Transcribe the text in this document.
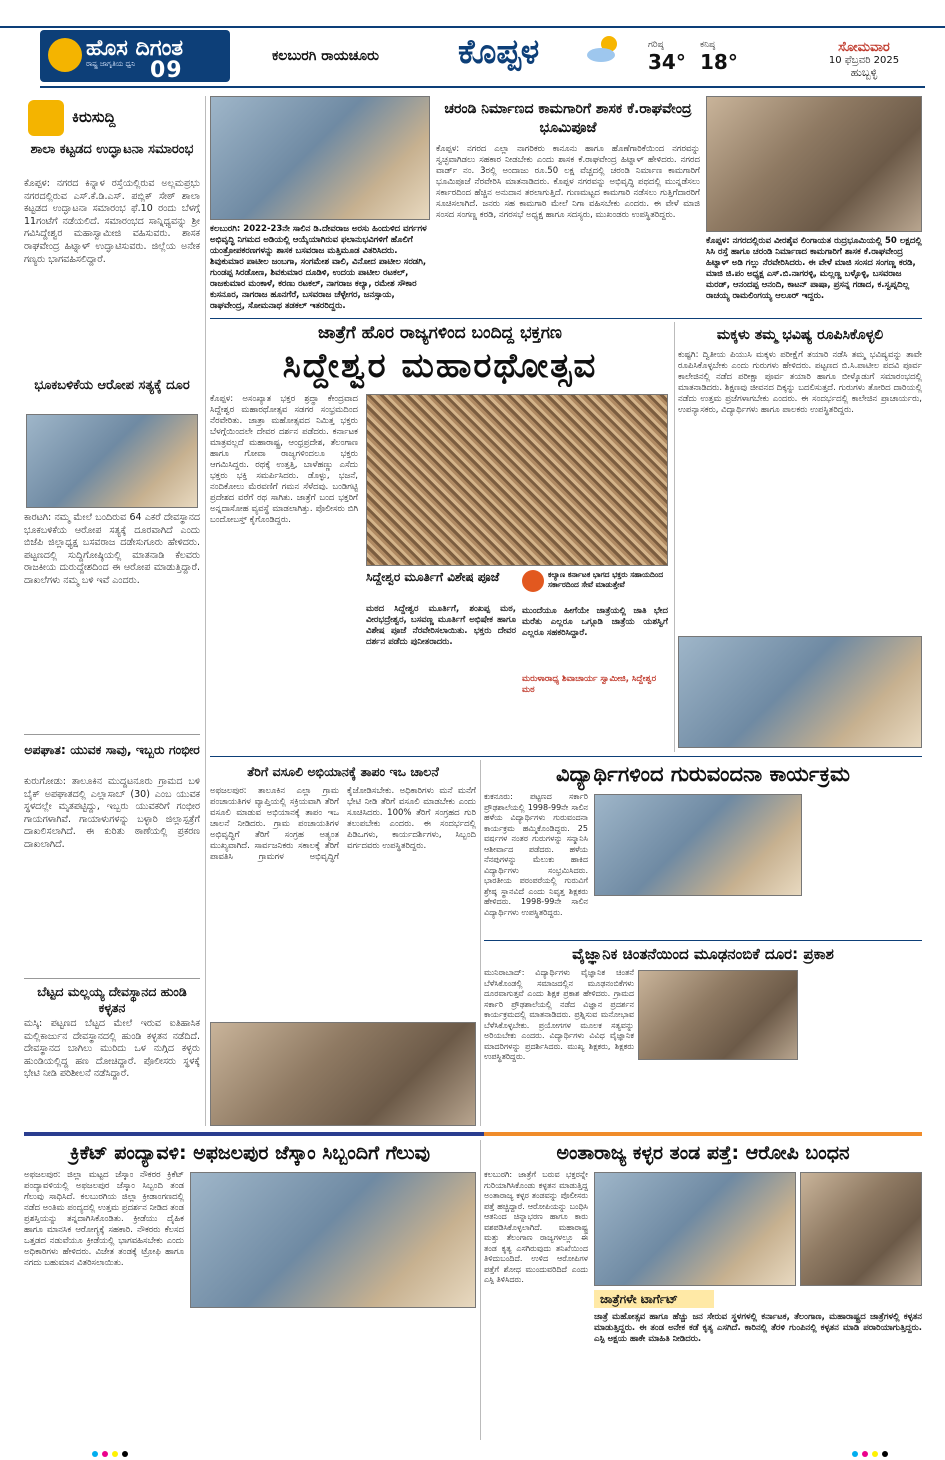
ಹೊಸ ದಿಗಂತ
ರಾಷ್ಟ್ರ ಜಾಗೃತಿಯ ಧ್ವನಿ 09
ಕಲಬುರಗಿ ರಾಯಚೂರು ಕೊಪ್ಪಳ	ಗರಿಷ್ಠ
34°
ಕನಿಷ್ಠ
18°
ಸೋಮವಾರ
10 ಫೆಬ್ರವರಿ 2025
ಹುಬ್ಬಳ್ಳಿ
ಕಿರುಸುದ್ದಿ
ಶಾಲಾ ಕಟ್ಟಡದ ಉದ್ಘಾಟನಾ ಸಮಾರಂಭ
ಕೊಪ್ಪಳ: ನಗರದ ಕಿನ್ನಾಳ ರಸ್ತೆಯಲ್ಲಿರುವ ಅಲ್ಲಮಪ್ರಭು ನಗರದಲ್ಲಿರುವ ಎಸ್.ಕೆ.ಡಿ.ಎಸ್. ಪಬ್ಲಿಕ್ ಸೇಠ್ ಶಾಲಾ ಕಟ್ಟಡದ ಉದ್ಘಾಟನಾ ಸಮಾರಂಭ ಫೆ.10 ರಂದು ಬೆಳಗ್ಗೆ 11ಗಂಟೆಗೆ ನಡೆಯಲಿದೆ. ಸಮಾರಂಭದ ಸಾನ್ನಿಧ್ಯವನ್ನು ಶ್ರೀ ಗವಿಸಿದ್ದೇಶ್ವರ ಮಹಾಸ್ವಾಮೀಜಿ ವಹಿಸುವರು. ಶಾಸಕ ರಾಘವೇಂದ್ರ ಹಿಟ್ನಾಳ್ ಉದ್ಘಾಟಿಸುವರು. ಜಿಲ್ಲೆಯ ಅನೇಕ ಗಣ್ಯರು ಭಾಗವಹಿಸಲಿದ್ದಾರೆ.
ಭೂಕಬಳಿಕೆಯ ಆರೋಪ ಸತ್ಯಕ್ಕೆ ದೂರ
ಕಾರಟಗಿ: ನಮ್ಮ ಮೇಲೆ ಬಂದಿರುವ 64 ಎಕರೆ ದೇವಸ್ಥಾನದ ಭೂಕಬಳಿಕೆಯ ಆರೋಪ ಸತ್ಯಕ್ಕೆ ದೂರವಾಗಿದೆ ಎಂದು ಬಿಜೆಪಿ ಜಿಲ್ಲಾಧ್ಯಕ್ಷ ಬಸವರಾಜ ದಡೇಸುಗೂರು ಹೇಳಿದರು. ಪಟ್ಟಣದಲ್ಲಿ ಸುದ್ದಿಗೋಷ್ಠಿಯಲ್ಲಿ ಮಾತನಾಡಿ ಕೆಲವರು ರಾಜಕೀಯ ದುರುದ್ದೇಶದಿಂದ ಈ ಆರೋಪ ಮಾಡುತ್ತಿದ್ದಾರೆ. ದಾಖಲೆಗಳು ನಮ್ಮ ಬಳಿ ಇವೆ ಎಂದರು.
ಅಪಘಾತ: ಯುವಕ ಸಾವು, ಇಬ್ಬರು ಗಂಭೀರ
ಕುರುಗೋಡು: ತಾಲೂಕಿನ ಮುದ್ದಟನೂರು ಗ್ರಾಮದ ಬಳಿ ಬೈಕ್ ಅಪಘಾತದಲ್ಲಿ ಎಲ್ಲಾಸಾಬ್ (30) ಎಂಬ ಯುವಕ ಸ್ಥಳದಲ್ಲೇ ಮೃತಪಟ್ಟಿದ್ದು, ಇಬ್ಬರು ಯುವಕರಿಗೆ ಗಂಭೀರ ಗಾಯಗಳಾಗಿವೆ. ಗಾಯಾಳುಗಳನ್ನು ಬಳ್ಳಾರಿ ಜಿಲ್ಲಾಸ್ಪತ್ರೆಗೆ ದಾಖಲಿಸಲಾಗಿದೆ. ಈ ಕುರಿತು ಠಾಣೆಯಲ್ಲಿ ಪ್ರಕರಣ ದಾಖಲಾಗಿದೆ.
ಬೆಟ್ಟದ ಮಲ್ಲಯ್ಯ ದೇವಸ್ಥಾನದ ಹುಂಡಿ ಕಳ್ಳತನ
ಮಸ್ಕಿ: ಪಟ್ಟಣದ ಬೆಟ್ಟದ ಮೇಲೆ ಇರುವ ಐತಿಹಾಸಿಕ ಮಲ್ಲಿಕಾರ್ಜುನ ದೇವಸ್ಥಾನದಲ್ಲಿ ಹುಂಡಿ ಕಳ್ಳತನ ನಡೆದಿದೆ. ದೇವಸ್ಥಾನದ ಬಾಗಿಲು ಮುರಿದು ಒಳ ನುಗ್ಗಿದ ಕಳ್ಳರು ಹುಂಡಿಯಲ್ಲಿದ್ದ ಹಣ ದೋಚಿದ್ದಾರೆ. ಪೊಲೀಸರು ಸ್ಥಳಕ್ಕೆ ಭೇಟಿ ನೀಡಿ ಪರಿಶೀಲನೆ ನಡೆಸಿದ್ದಾರೆ.
ಕಲಬುರಗಿ: 2022-23ನೇ ಸಾಲಿನ ಡಿ.ದೇವರಾಜ ಅರಸು ಹಿಂದುಳಿದ ವರ್ಗಗಳ ಅಭಿವೃದ್ಧಿ ನಿಗಮದ ಅಡಿಯಲ್ಲಿ ಆಯ್ಕೆಯಾಗಿರುವ ಫಲಾನುಭವಿಗಳಿಗೆ ಹೊಲಿಗೆ ಯಂತ್ರೋಪಕರಣಗಳನ್ನು ಶಾಸಕ ಬಸವರಾಜ ಮತ್ತಿಮೂಡ ವಿತರಿಸಿದರು. ಶಿವುಕುಮಾರ ಪಾಟೀಲ ಜಂಬಗಾ, ಸಂಗಮೇಶ ವಾಲಿ, ವಿನೋದ ಪಾಟೀಲ ಸರಡಗಿ, ಗುಂಡಪ್ಪ ಸಿರಡೋಣ, ಶಿವಕುಮಾರ ದೂಡಿಳಿ, ಉದಯ ಪಾಟೀಲ ರಟಕಲ್, ರಾಜಕುಮಾರ ಮಂಕಾಳೆ, ಕರಣು ರಟಕಲ್, ನಾಗರಾಜ ಕಲ್ಯಾ, ರಮೇಶ ಸೌಕಾರ ಕುಸನೂರ, ನಾಗರಾಜ ಹೂನಗೆರೆ, ಬಸವರಾಜ ಚೆಳ್ಳೇಗರ, ಜನಸ್ಸಾಯ, ರಾಘವೇಂದ್ರ, ಸೋಮನಾಥ ತಡಕಲ್ ಇತರರಿದ್ದರು.
ಚರಂಡಿ ನಿರ್ಮಾಣದ ಕಾಮಗಾರಿಗೆ ಶಾಸಕ ಕೆ.ರಾಘವೇಂದ್ರ ಭೂಮಿಪೂಜೆ
ಕೊಪ್ಪಳ: ನಗರದ ಎಲ್ಲಾ ನಾಗರಿಕರು ಕಾನೂನು ಹಾಗೂ ಹೊಣೆಗಾರಿಕೆಯಿಂದ ನಗರವನ್ನು ಸ್ವಚ್ಛವಾಗಿಡಲು ಸಹಕಾರ ನೀಡಬೇಕು ಎಂದು ಶಾಸಕ ಕೆ.ರಾಘವೇಂದ್ರ ಹಿಟ್ನಾಳ್ ಹೇಳಿದರು. ನಗರದ ವಾರ್ಡ್ ನಂ. 3ರಲ್ಲಿ ಅಂದಾಜು ರೂ.50 ಲಕ್ಷ ವೆಚ್ಚದಲ್ಲಿ ಚರಂಡಿ ನಿರ್ಮಾಣ ಕಾಮಗಾರಿಗೆ ಭೂಮಿಪೂಜೆ ನೆರವೇರಿಸಿ ಮಾತನಾಡಿದರು. ಕೊಪ್ಪಳ ನಗರವನ್ನು ಅಭಿವೃದ್ಧಿ ಪಥದಲ್ಲಿ ಮುನ್ನಡೆಸಲು ಸರ್ಕಾರದಿಂದ ಹೆಚ್ಚಿನ ಅನುದಾನ ತರಲಾಗುತ್ತಿದೆ. ಗುಣಮಟ್ಟದ ಕಾಮಗಾರಿ ನಡೆಸಲು ಗುತ್ತಿಗೆದಾರರಿಗೆ ಸೂಚಿಸಲಾಗಿದೆ. ಜನರು ಸಹ ಕಾಮಗಾರಿ ಮೇಲೆ ನಿಗಾ ವಹಿಸಬೇಕು ಎಂದರು. ಈ ವೇಳೆ ಮಾಜಿ ಸಂಸದ ಸಂಗಣ್ಣ ಕರಡಿ, ನಗರಸಭೆ ಅಧ್ಯಕ್ಷ ಹಾಗೂ ಸದಸ್ಯರು, ಮುಖಂಡರು ಉಪಸ್ಥಿತರಿದ್ದರು.
ಕೊಪ್ಪಳ: ನಗರದಲ್ಲಿರುವ ವೀರಶೈವ ಲಿಂಗಾಯತ ರುದ್ರಭೂಮಿಯಲ್ಲಿ 50 ಲಕ್ಷದಲ್ಲಿ ಸಿಸಿ ರಸ್ತೆ ಹಾಗೂ ಚರಂಡಿ ನಿರ್ಮಾಣದ ಕಾಮಗಾರಿಗೆ ಶಾಸಕ ಕೆ.ರಾಘವೇಂದ್ರ ಹಿಟ್ನಾಳ್ ಅಡಿ ಗಲ್ಲು ನೆರವೇರಿಸಿದರು. ಈ ವೇಳೆ ಮಾಜಿ ಸಂಸದ ಸಂಗಣ್ಣ ಕರಡಿ, ಮಾಜಿ ಜಿ.ಪಂ ಅಧ್ಯಕ್ಷ ಎಸ್.ಬಿ.ನಾಗರಳ್ಳಿ, ಮಲ್ಲಣ್ಣ ಬಳ್ಳೊಳ್ಳಿ, ಬಸವರಾಜ ಮರಡ್, ಆನಂದಪ್ಪ ಆನಂದಿ, ಕಾಟನ್ ಪಾಷಾ, ಪ್ರಸನ್ನ ಗಡಾದ, ಕ.ಸ್ವಪ್ನದಿಲ್ಲ ರಾಚಯ್ಯ ರಾಮಲಿಂಗಯ್ಯ ಆಲೂರ್ ಇದ್ದರು.
ಜಾತ್ರೆಗೆ ಹೊರ ರಾಜ್ಯಗಳಿಂದ ಬಂದಿದ್ದ ಭಕ್ತಗಣ
ಸಿದ್ದೇಶ್ವರ ಮಹಾರಥೋತ್ಸವ
ಕೊಪ್ಪಳ: ಅಸಂಖ್ಯಾತ ಭಕ್ತರ ಶ್ರದ್ಧಾ ಕೇಂದ್ರವಾದ ಸಿದ್ದೇಶ್ವರ ಮಹಾರಥೋತ್ಸವ ಸಡಗರ ಸಂಭ್ರಮದಿಂದ ನೆರವೇರಿತು. ಜಾತ್ರಾ ಮಹೋತ್ಸವದ ನಿಮಿತ್ತ ಭಕ್ತರು ಬೆಳಗ್ಗೆಯಿಂದಲೇ ದೇವರ ದರ್ಶನ ಪಡೆದರು. ಕರ್ನಾಟಕ ಮಾತ್ರವಲ್ಲದೆ ಮಹಾರಾಷ್ಟ್ರ, ಆಂಧ್ರಪ್ರದೇಶ, ತೆಲಂಗಾಣ ಹಾಗೂ ಗೋವಾ ರಾಜ್ಯಗಳಿಂದಲೂ ಭಕ್ತರು ಆಗಮಿಸಿದ್ದರು. ರಥಕ್ಕೆ ಉತ್ತತ್ತಿ, ಬಾಳೆಹಣ್ಣು ಎಸೆದು ಭಕ್ತರು ಭಕ್ತಿ ಸಮರ್ಪಿಸಿದರು. ಡೊಳ್ಳು, ಭಜನೆ, ನಂದಿಕೋಲು ಮೆರವಣಿಗೆ ಗಮನ ಸೆಳೆದವು. ಬಂಡಿಗಟ್ಟಿ ಪ್ರದೇಶದ ವರೆಗೆ ರಥ ಸಾಗಿತು. ಜಾತ್ರೆಗೆ ಬಂದ ಭಕ್ತರಿಗೆ ಅನ್ನದಾಸೋಹ ವ್ಯವಸ್ಥೆ ಮಾಡಲಾಗಿತ್ತು. ಪೊಲೀಸರು ಬಿಗಿ ಬಂದೋಬಸ್ತ್ ಕೈಗೊಂಡಿದ್ದರು.
ಸಿದ್ದೇಶ್ವರ ಮೂರ್ತಿಗೆ ವಿಶೇಷ ಪೂಜೆ
ಮಠದ ಸಿದ್ದೇಶ್ವರ ಮೂರ್ತಿಗೆ, ಶಂಖಪ್ಪ ಮಠ, ವೀರಭದ್ರೇಶ್ವರ, ಬಸವಣ್ಣ ಮೂರ್ತಿಗೆ ಅಭಿಷೇಕ ಹಾಗೂ ವಿಶೇಷ ಪೂಜೆ ನೆರವೇರಿಸಲಾಯಿತು. ಭಕ್ತರು ದೇವರ ದರ್ಶನ ಪಡೆದು ಪುನೀತರಾದರು.
ಕಲ್ಯಾಣ ಕರ್ನಾಟಕ ಭಾಗದ ಭಕ್ತರು ಸಹಾಯದಿಂದ ಸರ್ಕಾರದಿಂದ ಸೇವೆ ಮಾಡುತ್ತೇವೆ
ಮುಂದೆಯೂ ಹೀಗೆಯೇ ಜಾತ್ರೆಯಲ್ಲಿ ಜಾತಿ ಭೇದ ಮರೆತು ಎಲ್ಲರೂ ಒಗ್ಗೂಡಿ ಜಾತ್ರೆಯ ಯಶಸ್ವಿಗೆ ಎಲ್ಲರೂ ಸಹಕರಿಸಿದ್ದಾರೆ.
ಮರುಳಾರಾಧ್ಯ ಶಿವಾಚಾರ್ಯ ಸ್ವಾಮೀಜಿ, ಸಿದ್ದೇಶ್ವರ ಮಠ
ಮಕ್ಕಳು ತಮ್ಮ ಭವಿಷ್ಯ ರೂಪಿಸಿಕೊಳ್ಳಲಿ
ಕುಷ್ಟಗಿ: ದ್ವಿತೀಯ ಪಿಯುಸಿ ಮಕ್ಕಳು ಪರೀಕ್ಷೆಗೆ ತಯಾರಿ ನಡೆಸಿ ತಮ್ಮ ಭವಿಷ್ಯವನ್ನು ತಾವೇ ರೂಪಿಸಿಕೊಳ್ಳಬೇಕು ಎಂದು ಗುರುಗಳು ಹೇಳಿದರು. ಪಟ್ಟಣದ ಬಿ.ಸಿ.ಪಾಟೀಲ ಪದವಿ ಪೂರ್ವ ಕಾಲೇಜಿನಲ್ಲಿ ನಡೆದ ಪರೀಕ್ಷಾ ಪೂರ್ವ ತಯಾರಿ ಹಾಗೂ ಬೀಳ್ಕೊಡುಗೆ ಸಮಾರಂಭದಲ್ಲಿ ಮಾತನಾಡಿದರು. ಶಿಕ್ಷಣವು ಜೀವನದ ದಿಕ್ಕನ್ನು ಬದಲಿಸುತ್ತದೆ. ಗುರುಗಳು ತೋರಿದ ದಾರಿಯಲ್ಲಿ ನಡೆದು ಉತ್ತಮ ಪ್ರಜೆಗಳಾಗಬೇಕು ಎಂದರು. ಈ ಸಂದರ್ಭದಲ್ಲಿ ಕಾಲೇಜಿನ ಪ್ರಾಚಾರ್ಯರು, ಉಪನ್ಯಾಸಕರು, ವಿದ್ಯಾರ್ಥಿಗಳು ಹಾಗೂ ಪಾಲಕರು ಉಪಸ್ಥಿತರಿದ್ದರು.
ತೆರಿಗೆ ವಸೂಲಿ ಅಭಿಯಾನಕ್ಕೆ ತಾಪಂ ಇಒ ಚಾಲನೆ
ಅಫಜಲಪುರ: ತಾಲೂಕಿನ ಎಲ್ಲಾ ಗ್ರಾಮ ಪಂಚಾಯತಿಗಳ ವ್ಯಾಪ್ತಿಯಲ್ಲಿ ಸಕ್ರಿಯವಾಗಿ ತೆರಿಗೆ ವಸೂಲಿ ಮಾಡುವ ಅಭಿಯಾನಕ್ಕೆ ತಾಪಂ ಇಒ ಚಾಲನೆ ನೀಡಿದರು. ಗ್ರಾಮ ಪಂಚಾಯತಿಗಳ ಅಭಿವೃದ್ಧಿಗೆ ತೆರಿಗೆ ಸಂಗ್ರಹ ಅತ್ಯಂತ ಮುಖ್ಯವಾಗಿದೆ. ಸಾರ್ವಜನಿಕರು ಸಕಾಲಕ್ಕೆ ತೆರಿಗೆ ಪಾವತಿಸಿ ಗ್ರಾಮಗಳ ಅಭಿವೃದ್ಧಿಗೆ ಕೈಜೋಡಿಸಬೇಕು. ಅಧಿಕಾರಿಗಳು ಮನೆ ಮನೆಗೆ ಭೇಟಿ ನೀಡಿ ತೆರಿಗೆ ವಸೂಲಿ ಮಾಡಬೇಕು ಎಂದು ಸೂಚಿಸಿದರು. 100% ತೆರಿಗೆ ಸಂಗ್ರಹದ ಗುರಿ ತಲುಪಬೇಕು ಎಂದರು. ಈ ಸಂದರ್ಭದಲ್ಲಿ ಪಿಡಿಒಗಳು, ಕಾರ್ಯದರ್ಶಿಗಳು, ಸಿಬ್ಬಂದಿ ವರ್ಗದವರು ಉಪಸ್ಥಿತರಿದ್ದರು.
ವಿದ್ಯಾರ್ಥಿಗಳಿಂದ ಗುರುವಂದನಾ ಕಾರ್ಯಕ್ರಮ
ಕುಕನೂರು: ಪಟ್ಟಣದ ಸರ್ಕಾರಿ ಪ್ರೌಢಶಾಲೆಯಲ್ಲಿ 1998-99ನೇ ಸಾಲಿನ ಹಳೆಯ ವಿದ್ಯಾರ್ಥಿಗಳು ಗುರುವಂದನಾ ಕಾರ್ಯಕ್ರಮ ಹಮ್ಮಿಕೊಂಡಿದ್ದರು. 25 ವರ್ಷಗಳ ನಂತರ ಗುರುಗಳನ್ನು ಸನ್ಮಾನಿಸಿ ಆಶೀರ್ವಾದ ಪಡೆದರು. ಹಳೆಯ ನೆನಪುಗಳನ್ನು ಮೆಲುಕು ಹಾಕಿದ ವಿದ್ಯಾರ್ಥಿಗಳು ಸಂಭ್ರಮಿಸಿದರು. ಭಾರತೀಯ ಪರಂಪರೆಯಲ್ಲಿ ಗುರುವಿಗೆ ಶ್ರೇಷ್ಠ ಸ್ಥಾನವಿದೆ ಎಂದು ನಿವೃತ್ತ ಶಿಕ್ಷಕರು ಹೇಳಿದರು. 1998-99ನೇ ಸಾಲಿನ ವಿದ್ಯಾರ್ಥಿಗಳು ಉಪಸ್ಥಿತರಿದ್ದರು.
ವೈಜ್ಞಾನಿಕ ಚಿಂತನೆಯಿಂದ ಮೂಢನಂಬಿಕೆ ದೂರ: ಪ್ರಕಾಶ
ಮುನಿರಾಬಾದ್: ವಿದ್ಯಾರ್ಥಿಗಳು ವೈಜ್ಞಾನಿಕ ಚಿಂತನೆ ಬೆಳೆಸಿಕೊಂಡಲ್ಲಿ ಸಮಾಜದಲ್ಲಿನ ಮೂಢನಂಬಿಕೆಗಳು ದೂರವಾಗುತ್ತವೆ ಎಂದು ಶಿಕ್ಷಕ ಪ್ರಕಾಶ ಹೇಳಿದರು. ಗ್ರಾಮದ ಸರ್ಕಾರಿ ಪ್ರೌಢಶಾಲೆಯಲ್ಲಿ ನಡೆದ ವಿಜ್ಞಾನ ಪ್ರದರ್ಶನ ಕಾರ್ಯಕ್ರಮದಲ್ಲಿ ಮಾತನಾಡಿದರು. ಪ್ರಶ್ನಿಸುವ ಮನೋಭಾವ ಬೆಳೆಸಿಕೊಳ್ಳಬೇಕು. ಪ್ರಯೋಗಗಳ ಮೂಲಕ ಸತ್ಯವನ್ನು ಅರಿಯಬೇಕು ಎಂದರು. ವಿದ್ಯಾರ್ಥಿಗಳು ವಿವಿಧ ವೈಜ್ಞಾನಿಕ ಮಾದರಿಗಳನ್ನು ಪ್ರದರ್ಶಿಸಿದರು. ಮುಖ್ಯ ಶಿಕ್ಷಕರು, ಶಿಕ್ಷಕರು ಉಪಸ್ಥಿತರಿದ್ದರು.
ಕ್ರಿಕೆಟ್ ಪಂದ್ಯಾವಳಿ: ಅಫಜಲಪುರ ಜೆಸ್ಕಾಂ ಸಿಬ್ಬಂದಿಗೆ ಗೆಲುವು
ಅಫಜಲಪುರ: ಜಿಲ್ಲಾ ಮಟ್ಟದ ಜೆಸ್ಕಾಂ ನೌಕರರ ಕ್ರಿಕೆಟ್ ಪಂದ್ಯಾವಳಿಯಲ್ಲಿ ಅಫಜಲಪುರ ಜೆಸ್ಕಾಂ ಸಿಬ್ಬಂದಿ ತಂಡ ಗೆಲುವು ಸಾಧಿಸಿದೆ. ಕಲಬುರಗಿಯ ಜಿಲ್ಲಾ ಕ್ರೀಡಾಂಗಣದಲ್ಲಿ ನಡೆದ ಅಂತಿಮ ಪಂದ್ಯದಲ್ಲಿ ಉತ್ತಮ ಪ್ರದರ್ಶನ ನೀಡಿದ ತಂಡ ಪ್ರಶಸ್ತಿಯನ್ನು ತನ್ನದಾಗಿಸಿಕೊಂಡಿತು. ಕ್ರೀಡೆಯು ದೈಹಿಕ ಹಾಗೂ ಮಾನಸಿಕ ಆರೋಗ್ಯಕ್ಕೆ ಸಹಕಾರಿ. ನೌಕರರು ಕೆಲಸದ ಒತ್ತಡದ ನಡುವೆಯೂ ಕ್ರೀಡೆಯಲ್ಲಿ ಭಾಗವಹಿಸಬೇಕು ಎಂದು ಅಧಿಕಾರಿಗಳು ಹೇಳಿದರು. ವಿಜೇತ ತಂಡಕ್ಕೆ ಟ್ರೋಫಿ ಹಾಗೂ ನಗದು ಬಹುಮಾನ ವಿತರಿಸಲಾಯಿತು.
ಅಂತಾರಾಜ್ಯ ಕಳ್ಳರ ತಂಡ ಪತ್ತೆ: ಆರೋಪಿ ಬಂಧನ
ಕಲಬುರಗಿ: ಜಾತ್ರೆಗೆ ಬರುವ ಭಕ್ತರನ್ನೇ ಗುರಿಯಾಗಿಸಿಕೊಂಡು ಕಳ್ಳತನ ಮಾಡುತ್ತಿದ್ದ ಅಂತಾರಾಜ್ಯ ಕಳ್ಳರ ತಂಡವನ್ನು ಪೊಲೀಸರು ಪತ್ತೆ ಹಚ್ಚಿದ್ದಾರೆ. ಆರೋಪಿಯನ್ನು ಬಂಧಿಸಿ ಆತನಿಂದ ಚಿನ್ನಾಭರಣ ಹಾಗೂ ಕಾರು ವಶಪಡಿಸಿಕೊಳ್ಳಲಾಗಿದೆ. ಮಹಾರಾಷ್ಟ್ರ ಮತ್ತು ತೆಲಂಗಾಣ ರಾಜ್ಯಗಳಲ್ಲೂ ಈ ತಂಡ ಕೃತ್ಯ ಎಸಗಿರುವುದು ತನಿಖೆಯಿಂದ ತಿಳಿದುಬಂದಿದೆ. ಉಳಿದ ಆರೋಪಿಗಳ ಪತ್ತೆಗೆ ಶೋಧ ಮುಂದುವರಿದಿದೆ ಎಂದು ಎಸ್ಪಿ ತಿಳಿಸಿದರು.
ಜಾತ್ರೆಗಳೇ ಟಾರ್ಗೆಟ್
ಜಾತ್ರೆ ಮಹೋತ್ಸವ ಹಾಗೂ ಹೆಚ್ಚು ಜನ ಸೇರುವ ಸ್ಥಳಗಳಲ್ಲಿ ಕರ್ನಾಟಕ, ತೆಲಂಗಾಣ, ಮಹಾರಾಷ್ಟ್ರದ ಜಾತ್ರೆಗಳಲ್ಲಿ ಕಳ್ಳತನ ಮಾಡುತ್ತಿದ್ದರು. ಈ ತಂಡ ಅನೇಕ ಕಡೆ ಕೃತ್ಯ ಎಸಗಿದೆ. ಕಾರಿನಲ್ಲಿ ತೆರಳಿ ಗುಂಪಿನಲ್ಲಿ ಕಳ್ಳತನ ಮಾಡಿ ಪರಾರಿಯಾಗುತ್ತಿದ್ದರು. ಎಸ್ಪಿ ಅಕ್ಷಯ ಹಾಕೇ ಮಾಹಿತಿ ನೀಡಿದರು.
